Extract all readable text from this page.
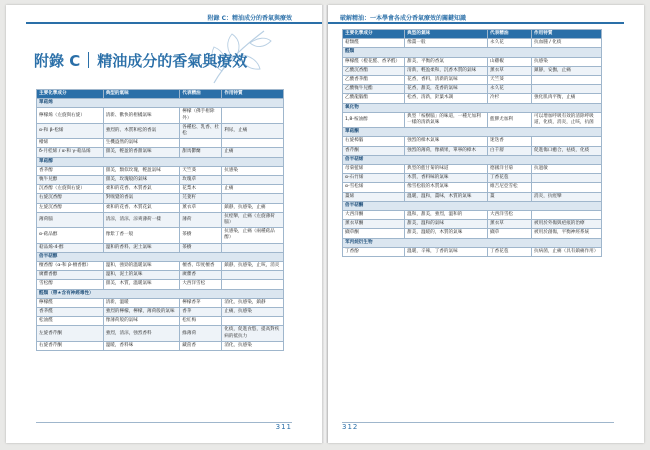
附錄 C：精油成分的香氣與療效
附錄 C 精油成分的香氣與療效
主要化學成分	典型的氣味	代表精油	作用特質
單萜烯			
檸檬烯（左旋與右旋）	清新、歡快的柑橘氣味	檸檬（佛手柑除外）	
α-和 β-松烯	強烈的、木質和松的香氣	各種松、乳香、杜松	利尿，止痛
檜烯	生機盎然的氣味		
δ-月桂烯 / α-和 γ-萜品烯	甜美，輕盈的香甜氣味	甜馬鬱蘭	止痛
單萜醇			
香茅醇	甜美，類似玫瑰，輕盈氣味	天竺葵	抗感染
牻牛兒醇	甜美，玫瑰般的氣味	玫瑰草	
沉香醇（左旋與右旋）	柔和的花香、木質香氣	花梨木	止痛
右旋沉香醇	對嗅覺的香氣	芫荽籽	
左旋沉香醇	柔和的花香、木質花氣	薰衣草	鎮靜，抗感染，止痛
薄荷腦	清涼，清涼、涼爽薄荷一樣	薄荷	抗痙攣，止痛（左旋薄荷腦）
α-萜品醇	像紫丁香一般	茶樹	抗感染，止痛（兩種萜品醇）
萜品烯-4-醇	溫和的香料、泥土氣味	茶樹	
倍半萜醇			
檀香醇（α-和 β-檀香醇）	溫和，強勁的溫暖氣味	檀香、印度檀香	鎮靜，抗感染，止咳，消炎
廣藿香醇	溫和，泥土的氣味	廣藿香	
雪松醇	甜美，木質，溫暖氣味	大西洋雪松	
醛類（帶★含有神經毒性）			
檸檬醛	清新，溫暖	檸檬香茅	消化，抗感染，鎮靜
香茅醛	強烈的檸檬，檸檬，薄荷般的氣味	香茅	止痛，抗感染
松油醛	像薄荷般的氣味	松紅梅	
左旋香芹酮	強烈，清涼，強烈香料	綠薄荷	化痰，促進食慾，提高對疾病的抵抗力
右旋香芹酮	溫暖，香料味	藏茴香	消化，抗感染
311
破解精油：一本學會各成分香氣療效的關鍵知識
主要化學成分	典型的氣味	代表精油	作用特質
萜類醛	像薑一般	永久花	抗血腫 / 化痰
醛類			
檸檬醛（橙花醛、香茅醛）	甜美，平衡的香氣	山雞椒	抗感染
乙酸沉香酯	清新，輕盈柔和，沉香木質的氣味	薰衣草	鎮靜，安撫，止痛
乙酸香茅酯	花香，香料，清新的氣味	天竺葵	
乙酸牻牛兒酯	花香，甜美，花香的氣味	永久花	
乙酸龍腦酯	松香，清新，針葉木調	冷杉	強化肌肉平衡，止痛
氧化物			
1,8-桉油醇	典型「桉樹腦」的味道，一種尤加利一樣的清新氣味	藍膠尤加利	可以增加呼吸有效的清除呼吸道，化痰，消炎，止咳，抗菌
單萜酮			
右旋樟腦	強烈的樟木氣味	迷迭香	
香芹酮	強烈的薄荷，像蘋果，單寧的樟木	白千層	促進傷口癒合，祛痰，化痰
倍半萜烯			
母菊藍烯	典型的藍甘菊的味道	德國洋甘菊	抗過敏
α-石竹烯	木質，香料味的氣味	丁香花苞	
α-雪松烯	像雪松般的木質氣味	維吉尼亞雪松	
薑烯	溫暖，溫和，薑味，木質的氣味	薑	消炎，抗痙攣
倍半萜酮			
大西洋酮	溫和，甜美，強烈，溫和的	大西洋雪松	
薰衣草酮	甜美，溫和的氣味	薰衣草	被用於外傷與疤痕的治療
纈草酮	甜美，溫暖的，木質的氣味	纈草	被用於創傷，平衡神經系統
苯丙烷衍生物			
丁香酚	溫暖，辛辣，丁香的氣味	丁香花苞	抗病菌，止痛（具有鎮痛作用）
312
